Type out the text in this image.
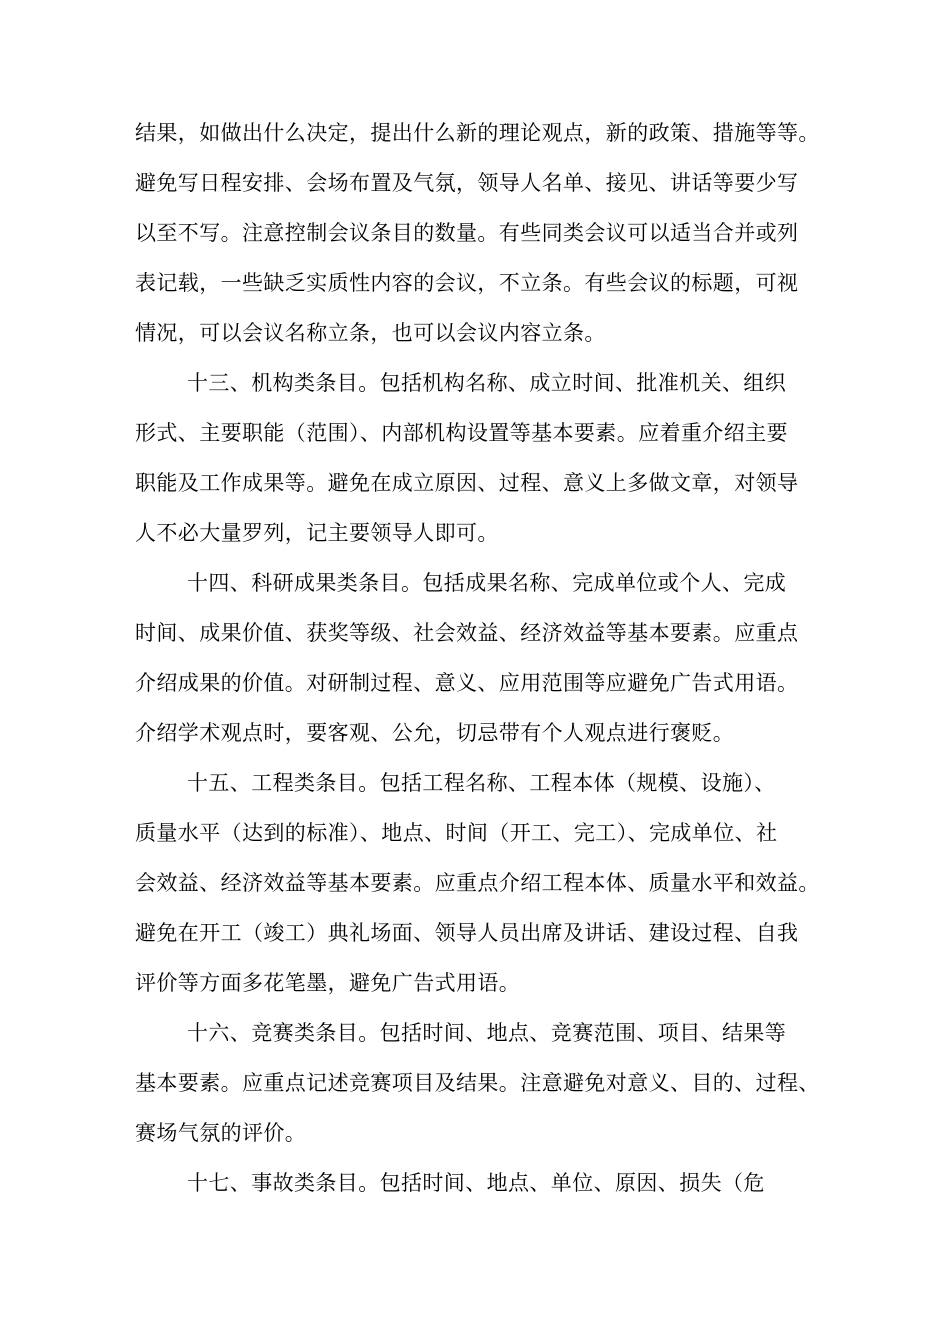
结果，如做出什么决定，提出什么新的理论观点，新的政策、措施等等。
避免写日程安排、会场布置及气氛，领导人名单、接见、讲话等要少写
以至不写。注意控制会议条目的数量。有些同类会议可以适当合并或列
表记载，一些缺乏实质性内容的会议，不立条。有些会议的标题，可视
情况，可以会议名称立条，也可以会议内容立条。
十三、机构类条目。包括机构名称、成立时间、批准机关、组织
形式、主要职能（范围）、内部机构设置等基本要素。应着重介绍主要
职能及工作成果等。避免在成立原因、过程、意义上多做文章，对领导
人不必大量罗列，记主要领导人即可。
十四、科研成果类条目。包括成果名称、完成单位或个人、完成
时间、成果价值、获奖等级、社会效益、经济效益等基本要素。应重点
介绍成果的价值。对研制过程、意义、应用范围等应避免广告式用语。
介绍学术观点时，要客观、公允，切忌带有个人观点进行褒贬。
十五、工程类条目。包括工程名称、工程本体（规模、设施）、
质量水平（达到的标准）、地点、时间（开工、完工）、完成单位、社
会效益、经济效益等基本要素。应重点介绍工程本体、质量水平和效益。
避免在开工（竣工）典礼场面、领导人员出席及讲话、建设过程、自我
评价等方面多花笔墨，避免广告式用语。
十六、竞赛类条目。包括时间、地点、竞赛范围、项目、结果等
基本要素。应重点记述竞赛项目及结果。注意避免对意义、目的、过程、
赛场气氛的评价。
十七、事故类条目。包括时间、地点、单位、原因、损失（危
